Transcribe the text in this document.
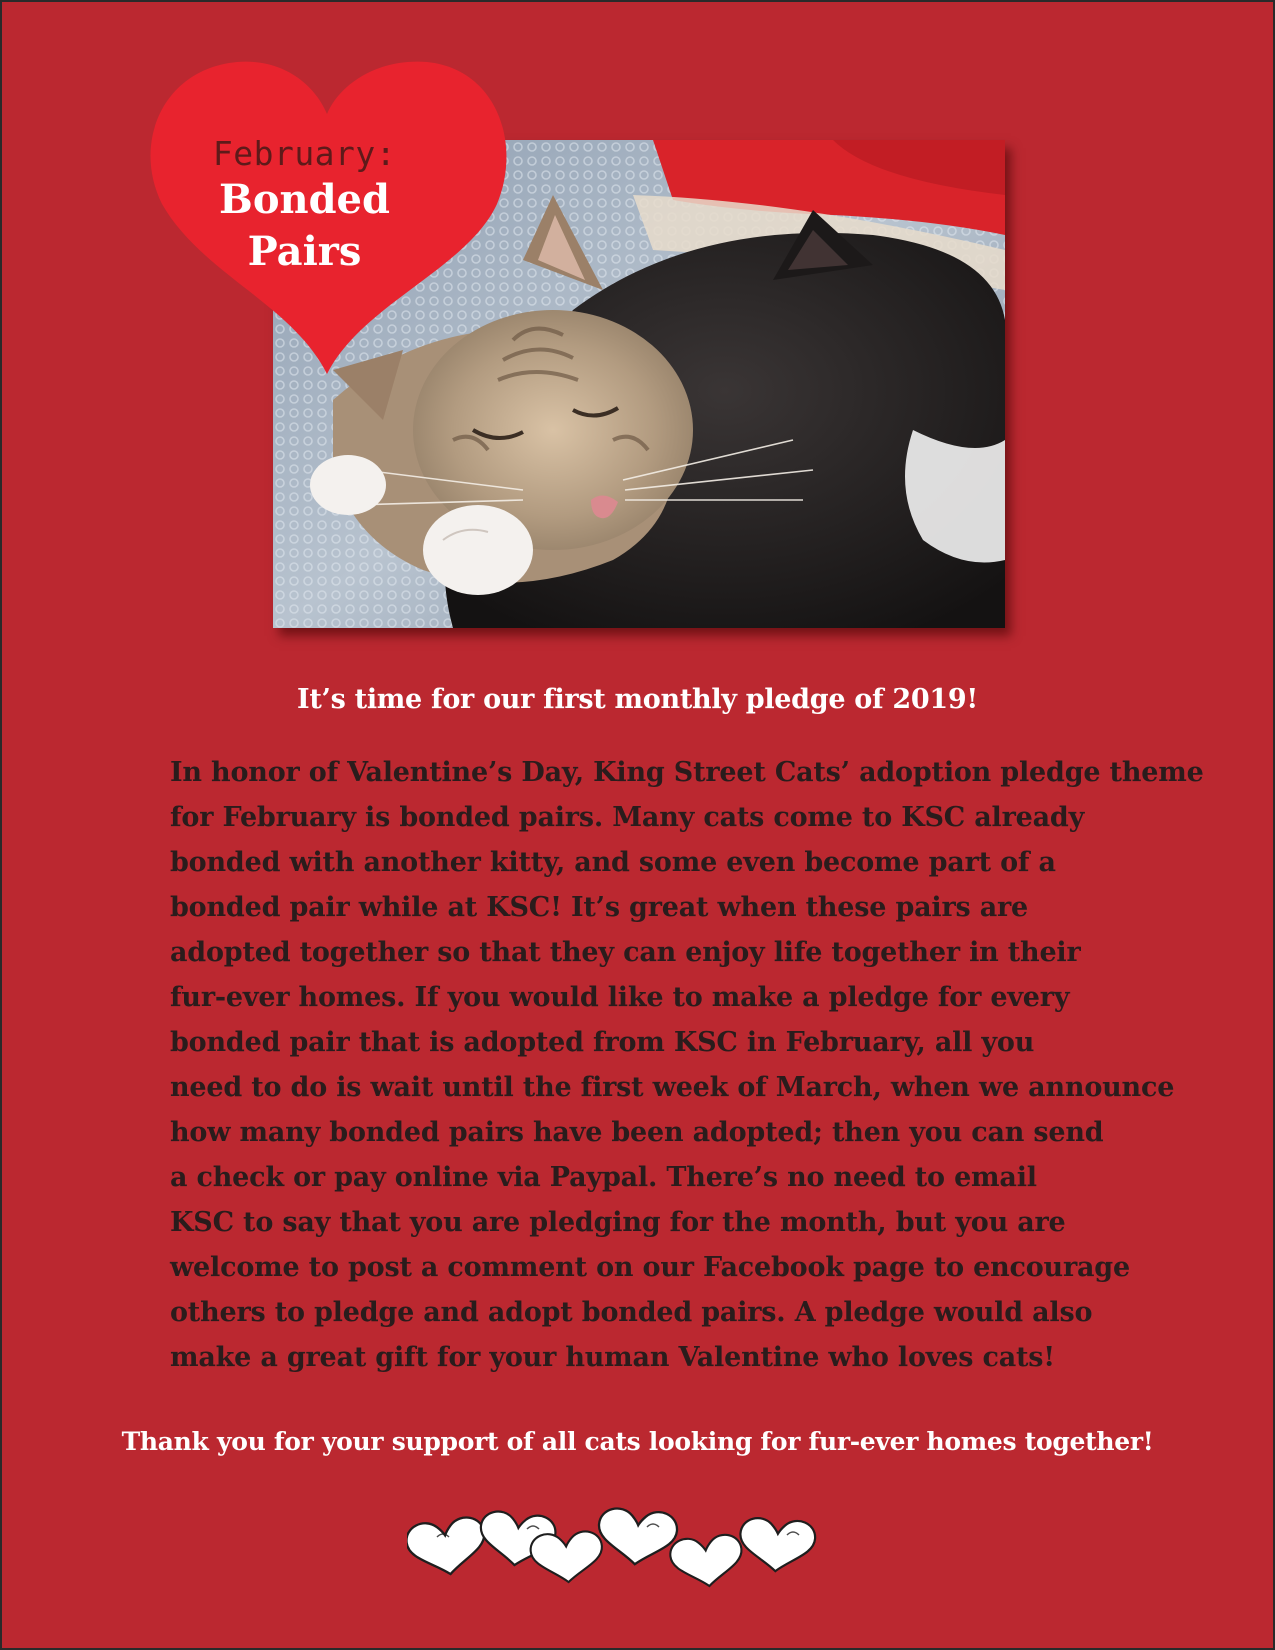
February:
Bonded
Pairs
It’s time for our first monthly pledge of 2019!
In honor of Valentine’s Day, King Street Cats’ adoption pledge theme
for February is bonded pairs. Many cats come to KSC already
bonded with another kitty, and some even become part of a
bonded pair while at KSC! It’s great when these pairs are
adopted together so that they can enjoy life together in their
fur-ever homes. If you would like to make a pledge for every
bonded pair that is adopted from KSC in February, all you
need to do is wait until the first week of March, when we announce
how many bonded pairs have been adopted; then you can send
a check or pay online via Paypal. There’s no need to email
KSC to say that you are pledging for the month, but you are
welcome to post a comment on our Facebook page to encourage
others to pledge and adopt bonded pairs. A pledge would also
make a great gift for your human Valentine who loves cats!
Thank you for your support of all cats looking for fur-ever homes together!
